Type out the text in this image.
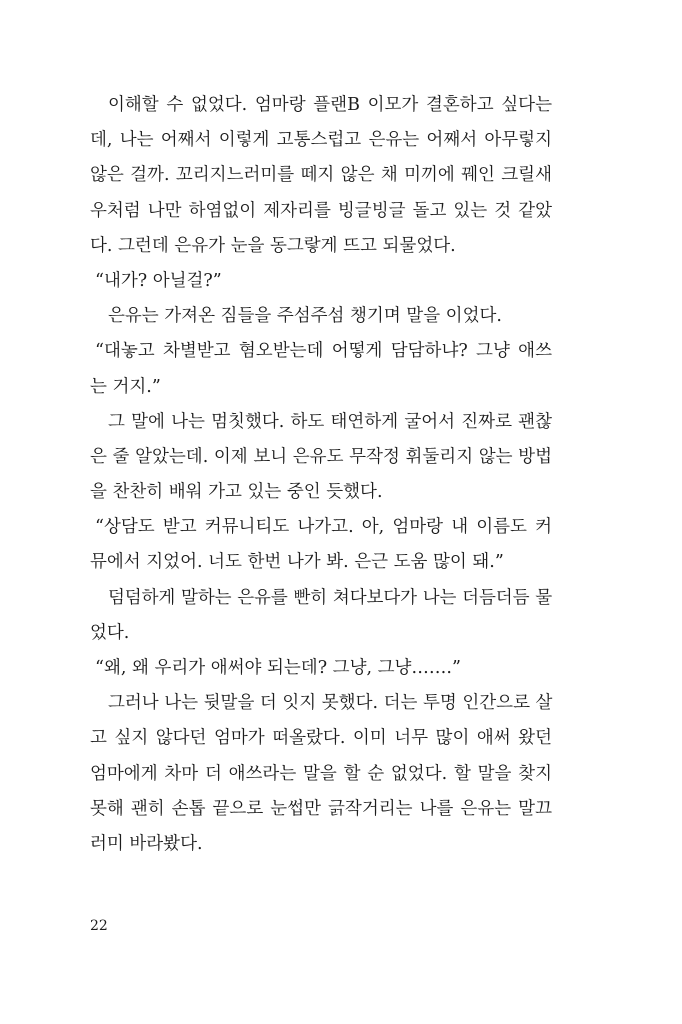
이해할 수 없었다. 엄마랑 플랜B 이모가 결혼하고 싶다는
데, 나는 어째서 이렇게 고통스럽고 은유는 어째서 아무렇지
않은 걸까. 꼬리지느러미를 떼지 않은 채 미끼에 꿰인 크릴새
우처럼 나만 하염없이 제자리를 빙글빙글 돌고 있는 것 같았
다. 그런데 은유가 눈을 동그랗게 뜨고 되물었다.
“내가? 아닐걸?”
은유는 가져온 짐들을 주섬주섬 챙기며 말을 이었다.
“대놓고 차별받고 혐오받는데 어떻게 담담하냐? 그냥 애쓰
는 거지.”
그 말에 나는 멈칫했다. 하도 태연하게 굴어서 진짜로 괜찮
은 줄 알았는데. 이제 보니 은유도 무작정 휘둘리지 않는 방법
을 찬찬히 배워 가고 있는 중인 듯했다.
“상담도 받고 커뮤니티도 나가고. 아, 엄마랑 내 이름도 커
뮤에서 지었어. 너도 한번 나가 봐. 은근 도움 많이 돼.”
덤덤하게 말하는 은유를 빤히 쳐다보다가 나는 더듬더듬 물
었다.
“왜, 왜 우리가 애써야 되는데? 그냥, 그냥…….”
그러나 나는 뒷말을 더 잇지 못했다. 더는 투명 인간으로 살
고 싶지 않다던 엄마가 떠올랐다. 이미 너무 많이 애써 왔던
엄마에게 차마 더 애쓰라는 말을 할 순 없었다. 할 말을 찾지
못해 괜히 손톱 끝으로 눈썹만 긁작거리는 나를 은유는 말끄
러미 바라봤다.
22
